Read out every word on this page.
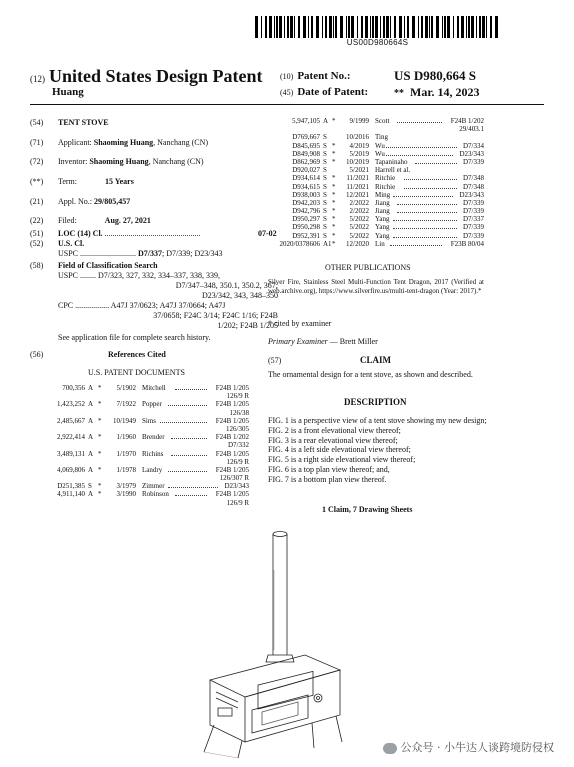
US00D980664S
(12) United States Design Patent
Huang
(10) Patent No.:	US D980,664 S
(45) Date of Patent:	** Mar. 14, 2023
(54) TENT STOVE
(71) Applicant: Shaoming Huang, Nanchang (CN)
(72) Inventor: Shaoming Huang, Nanchang (CN)
(**) Term:	15 Years
(21) Appl. No.: 29/805,457
(22) Filed:	Aug. 27, 2021
(51) LOC (14) Cl. ................................................	07-02
(52) U.S. Cl.
USPC ............................ D7/337; D7/339; D23/343
(58) Field of Classification Search
USPC ........ D7/323, 327, 332, 334–337, 338, 339,
D7/347–348, 350.1, 350.2, 367;
D23/342, 343, 348–350
CPC ................. A47J 37/0623; A47J 37/0664; A47J
37/0658; F24C 3/14; F24C 1/16; F24B
1/202; F24B 1/205
See application file for complete search history.
(56)	References Cited
U.S. PATENT DOCUMENTS
700,356 A * 5/1902 Mitchell	F24B 1/205
126/9 R
1,423,252 A * 7/1922 Popper	F24B 1/205
126/38
2,485,667 A * 10/1949 Sims	F24B 1/205
126/305
2,922,414 A * 1/1960 Brender	F24B 1/202
D7/332
3,489,131 A * 1/1970 Richins	F24B 1/205
126/9 R
4,069,806 A * 1/1978 Landry	F24B 1/205
126/307 R
D251,385 S * 3/1979 Zimmer	D23/343
4,911,140 A * 3/1990 Robinson	F24B 1/205
126/9 R
5,947,105 A * 9/1999 Scott	F24B 1/202
29/403.1
D769,667 S	10/2016 Ting
D845,695 S * 4/2019 Wu	D7/334
D849,908 S * 5/2019 Wu	D23/343
D862,969 S * 10/2019 Tapaninaho	D7/339
D920,027 S	5/2021 Harrell et al.
D934,614 S * 11/2021 Ritchie	D7/348
D934,615 S * 11/2021 Ritchie	D7/348
D938,003 S * 12/2021 Ming	D23/343
D942,203 S * 2/2022 Jiang	D7/339
D942,796 S * 2/2022 Jiang	D7/339
D950,297 S * 5/2022 Yang	D7/337
D950,298 S * 5/2022 Yang	D7/339
D952,391 S * 5/2022 Yang	D7/339
2020/0378606 A1 * 12/2020 Lin	F23B 80/04
OTHER PUBLICATIONS
Silver Fire, Stainless Steel Multi-Function Tent Dragon, 2017 (Verified at web.archive.org), https://www.silverfire.us/multi-tent-dragon (Year: 2017).*
* cited by examiner
Primary Examiner — Brett Miller
(57)	CLAIM
The ornamental design for a tent stove, as shown and described.
DESCRIPTION
FIG. 1 is a perspective view of a tent stove showing my new design;
FIG. 2 is a front elevational view thereof;
FIG. 3 is a rear elevational view thereof;
FIG. 4 is a left side elevational view thereof;
FIG. 5 is a right side elevational view thereof;
FIG. 6 is a top plan view thereof; and,
FIG. 7 is a bottom plan view thereof.
1 Claim, 7 Drawing Sheets
公众号 · 小牛达人谈跨境防侵权
